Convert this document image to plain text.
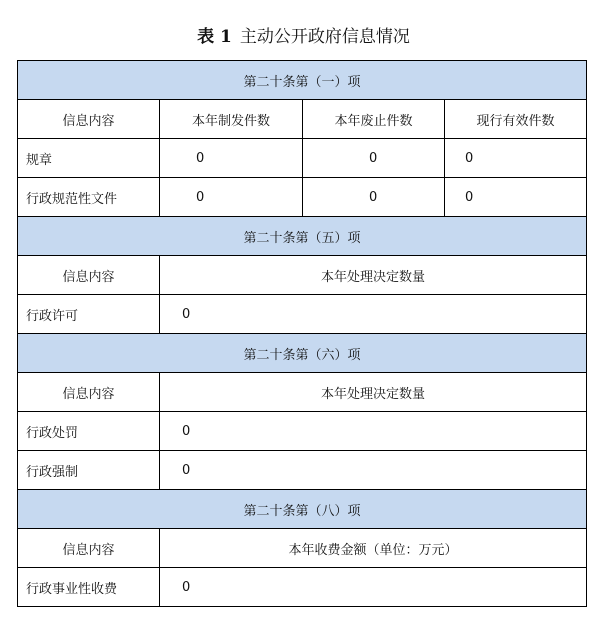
表 1 主动公开政府信息情况
第二十条第（一）项			
信息内容	本年制发件数	本年废止件数	现行有效件数
规章	0	0	0
行政规范性文件	0	0	0
第二十条第（五）项			
信息内容	本年处理决定数量		
行政许可	0		
第二十条第（六）项			
信息内容	本年处理决定数量		
行政处罚	0		
行政强制	0		
第二十条第（八）项			
信息内容	本年收费金额（单位：万元）		
行政事业性收费	0		
